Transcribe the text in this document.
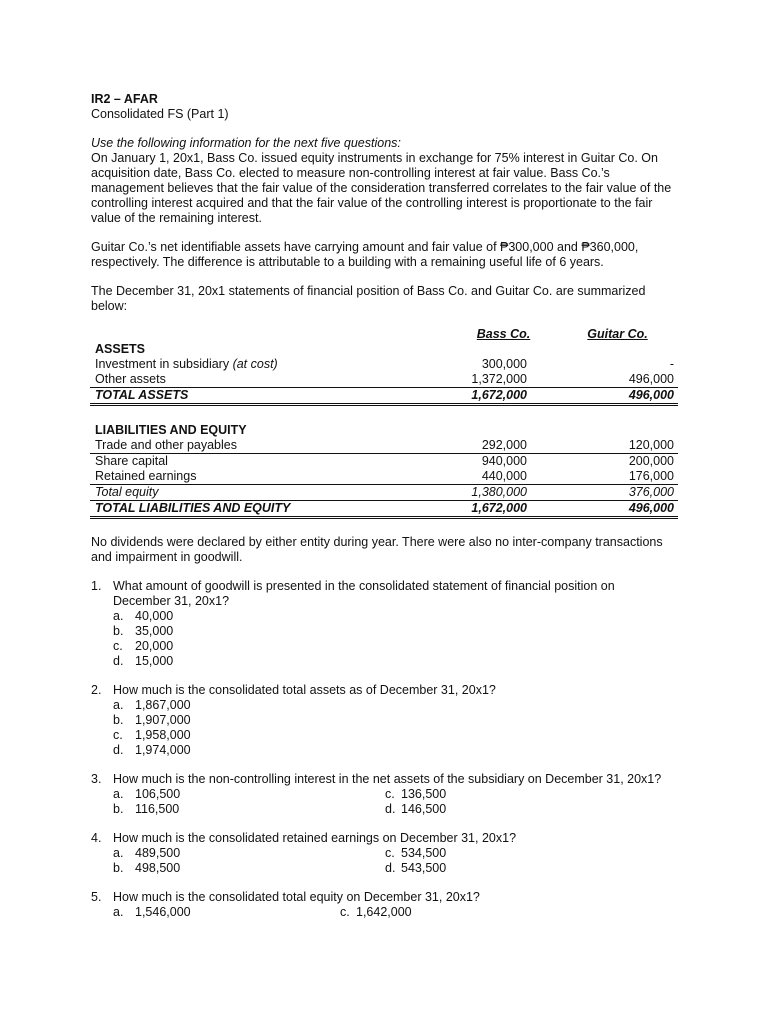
IR2 – AFAR

Consolidated FS (Part 1)

Use the following information for the next five questions:

On January 1, 20x1, Bass Co. issued equity instruments in exchange for 75% interest in Guitar Co. On

acquisition date, Bass Co. elected to measure non-controlling interest at fair value. Bass Co.’s

management believes that the fair value of the consideration transferred correlates to the fair value of the

controlling interest acquired and that the fair value of the controlling interest is proportionate to the fair

value of the remaining interest.

Guitar Co.’s net identifiable assets have carrying amount and fair value of ₱300,000 and ₱360,000,

respectively. The difference is attributable to a building with a remaining useful life of 6 years.

The December 31, 20x1 statements of financial position of Bass Co. and Guitar Co. are summarized

below:

	Bass Co.		Guitar Co.
ASSETS			
Investment in subsidiary (at cost)	300,000		-
Other assets	1,372,000		496,000
TOTAL ASSETS	1,672,000		496,000

LIABILITIES AND EQUITY			
Trade and other payables	292,000		120,000
Share capital	940,000		200,000
Retained earnings	440,000		176,000
Total equity	1,380,000		376,000
TOTAL LIABILITIES AND EQUITY	1,672,000		496,000

No dividends were declared by either entity during year. There were also no inter-company transactions

and impairment in goodwill.

1. What amount of goodwill is presented in the consolidated statement of financial position on

December 31, 20x1?

a. 40,000
b. 35,000
c. 20,000
d. 15,000
2. How much is the consolidated total assets as of December 31, 20x1?
a. 1,867,000
b. 1,907,000
c. 1,958,000
d. 1,974,000
3. How much is the non-controlling interest in the net assets of the subsidiary on December 31, 20x1?
a. 106,500	c. 136,500
b. 116,500	d. 146,500
4. How much is the consolidated retained earnings on December 31, 20x1?
a. 489,500	c. 534,500
b. 498,500	d. 543,500
5. How much is the consolidated total equity on December 31, 20x1?
a. 1,546,000	c. 1,642,000
